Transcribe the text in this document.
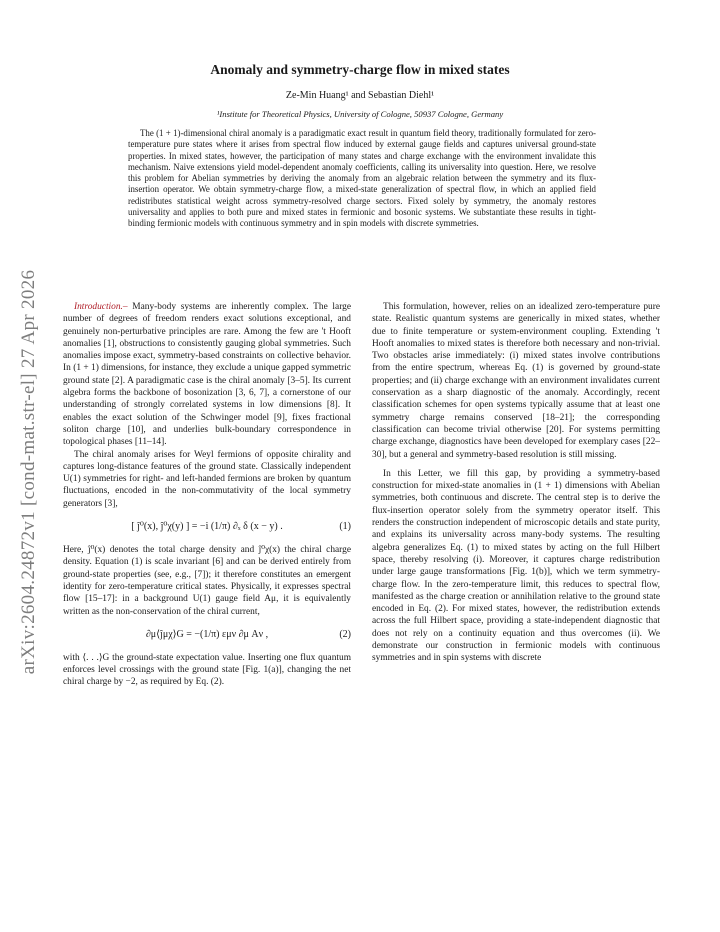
arXiv:2604.24872v1 [cond-mat.str-el] 27 Apr 2026
Anomaly and symmetry-charge flow in mixed states
Ze-Min Huang¹ and Sebastian Diehl¹
¹Institute for Theoretical Physics, University of Cologne, 50937 Cologne, Germany

The (1 + 1)-dimensional chiral anomaly is a paradigmatic exact result in quantum field theory, traditionally formulated for zero-temperature pure states where it arises from spectral flow induced by external gauge fields and captures universal ground-state properties. In mixed states, however, the participation of many states and charge exchange with the environment invalidate this mechanism. Naive extensions yield model-dependent anomaly coefficients, calling its universality into question. Here, we resolve this problem for Abelian symmetries by deriving the anomaly from an algebraic relation between the symmetry and its flux-insertion operator. We obtain symmetry-charge flow, a mixed-state generalization of spectral flow, in which an applied field redistributes statistical weight across symmetry-resolved charge sectors. Fixed solely by symmetry, the anomaly restores universality and applies to both pure and mixed states in fermionic and bosonic systems. We substantiate these results in tight-binding fermionic models with continuous symmetry and in spin models with discrete symmetries.

Introduction.– Many-body systems are inherently complex. The large number of degrees of freedom renders exact solutions exceptional, and genuinely non-perturbative principles are rare. Among the few are 't Hooft anomalies [1], obstructions to consistently gauging global symmetries. Such anomalies impose exact, symmetry-based constraints on collective behavior. In (1 + 1) dimensions, for instance, they exclude a unique gapped symmetric ground state [2]. A paradigmatic case is the chiral anomaly [3–5]. Its current algebra forms the backbone of bosonization [3, 6, 7], a cornerstone of our understanding of strongly correlated systems in low dimensions [8]. It enables the exact solution of the Schwinger model [9], fixes fractional soliton charge [10], and underlies bulk-boundary correspondence in topological phases [11–14].

The chiral anomaly arises for Weyl fermions of opposite chirality and captures long-distance features of the ground state. Classically independent U(1) symmetries for right- and left-handed fermions are broken by quantum fluctuations, encoded in the non-commutativity of the local symmetry generators [3],

[ ĵ⁰(x), ĵ⁰χ(y) ] = −i (1/π) ∂ₓ δ (x − y) .	(1)

Here, ĵ⁰(x) denotes the total charge density and ĵ⁰χ(x) the chiral charge density. Equation (1) is scale invariant [6] and can be derived entirely from ground-state properties (see, e.g., [7]); it therefore constitutes an emergent identity for zero-temperature critical states. Physically, it expresses spectral flow [15–17]: in a background U(1) gauge field Aμ, it is equivalently written as the non-conservation of the chiral current,

∂μ⟨ĵμχ⟩G = −(1/π) εμν ∂μ Aν ,	(2)

with ⟨. . .⟩G the ground-state expectation value. Inserting one flux quantum enforces level crossings with the ground state [Fig. 1(a)], changing the net chiral charge by −2, as required by Eq. (2).

This formulation, however, relies on an idealized zero-temperature pure state. Realistic quantum systems are generically in mixed states, whether due to finite temperature or system-environment coupling. Extending 't Hooft anomalies to mixed states is therefore both necessary and non-trivial. Two obstacles arise immediately: (i) mixed states involve contributions from the entire spectrum, whereas Eq. (1) is governed by ground-state properties; and (ii) charge exchange with an environment invalidates current conservation as a sharp diagnostic of the anomaly. Accordingly, recent classification schemes for open systems typically assume that at least one symmetry charge remains conserved [18–21]; the corresponding classification can become trivial otherwise [20]. For systems permitting charge exchange, diagnostics have been developed for exemplary cases [22–30], but a general and symmetry-based resolution is still missing.

In this Letter, we fill this gap, by providing a symmetry-based construction for mixed-state anomalies in (1 + 1) dimensions with Abelian symmetries, both continuous and discrete. The central step is to derive the flux-insertion operator solely from the symmetry operator itself. This renders the construction independent of microscopic details and state purity, and explains its universality across many-body systems. The resulting algebra generalizes Eq. (1) to mixed states by acting on the full Hilbert space, thereby resolving (i). Moreover, it captures charge redistribution under large gauge transformations [Fig. 1(b)], which we term symmetry-charge flow. In the zero-temperature limit, this reduces to spectral flow, manifested as the charge creation or annihilation relative to the ground state encoded in Eq. (2). For mixed states, however, the redistribution extends across the full Hilbert space, providing a state-independent diagnostic that does not rely on a continuity equation and thus overcomes (ii). We demonstrate our construction in fermionic models with continuous symmetries and in spin systems with discrete
